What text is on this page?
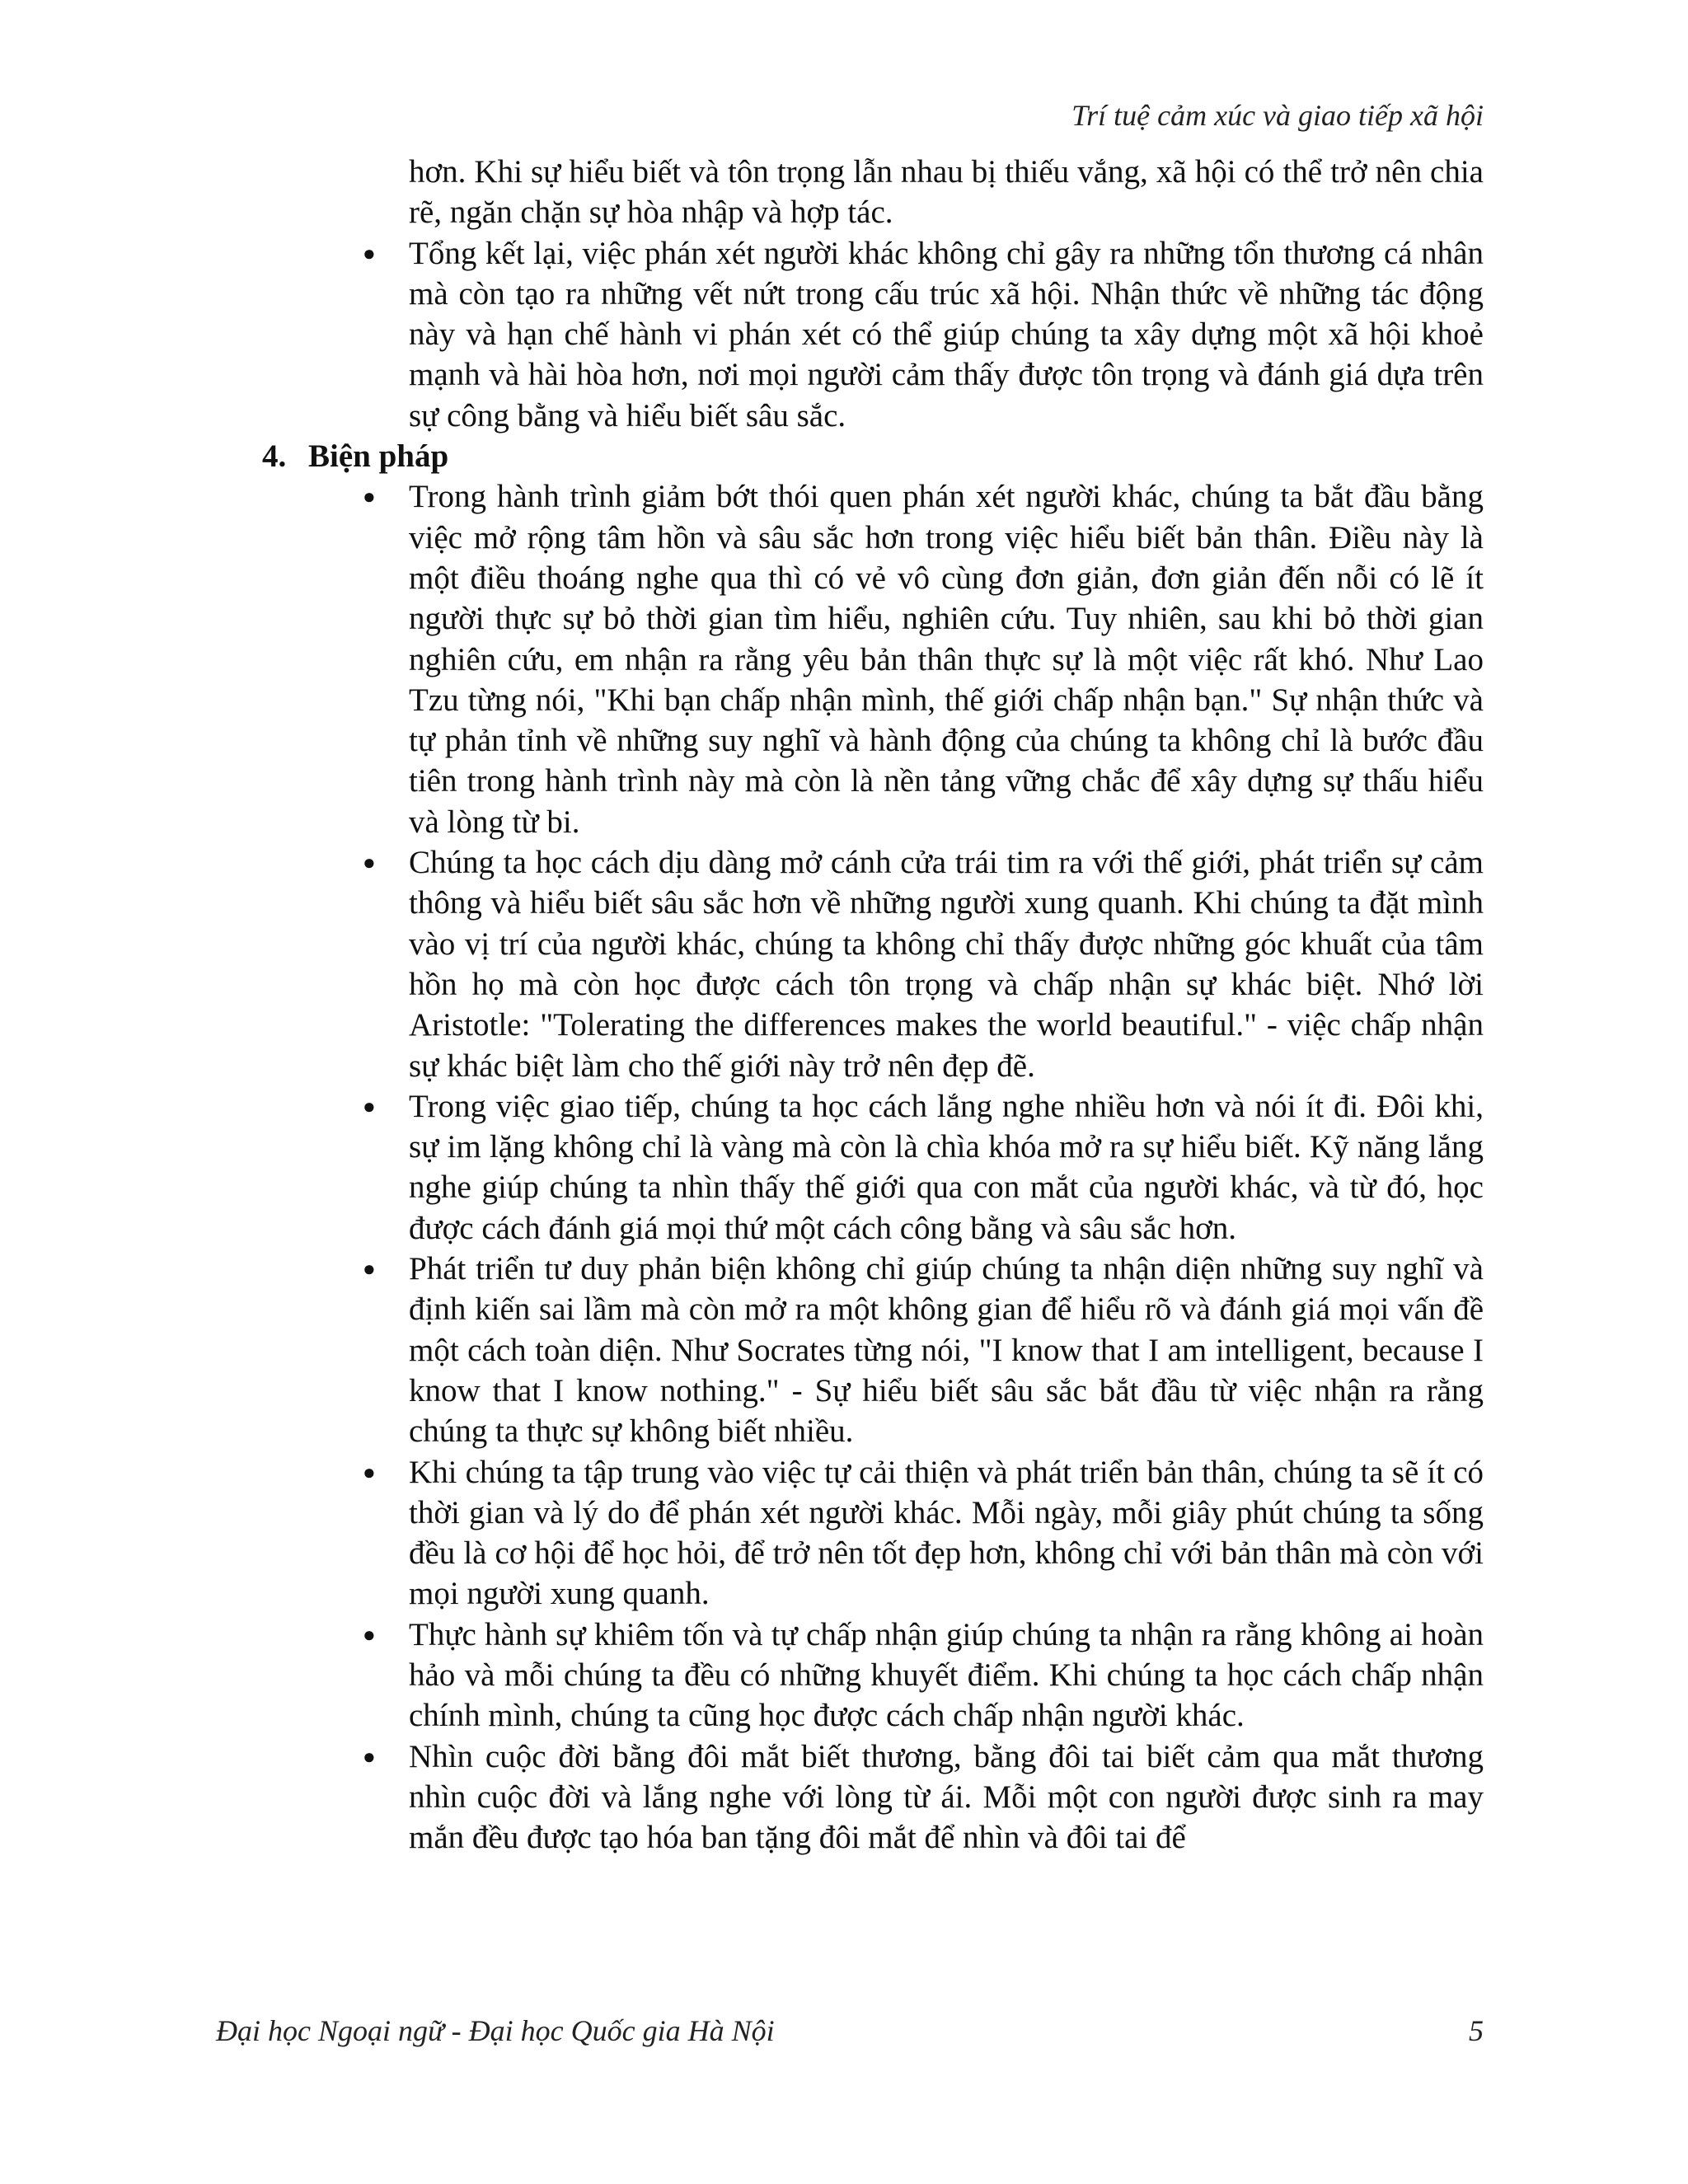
Trí tuệ cảm xúc và giao tiếp xã hội

hơn. Khi sự hiểu biết và tôn trọng lẫn nhau bị thiếu vắng, xã hội có thể trở nên chia rẽ, ngăn chặn sự hòa nhập và hợp tác.

● Tổng kết lại, việc phán xét người khác không chỉ gây ra những tổn thương cá nhân mà còn tạo ra những vết nứt trong cấu trúc xã hội. Nhận thức về những tác động này và hạn chế hành vi phán xét có thể giúp chúng ta xây dựng một xã hội khoẻ mạnh và hài hòa hơn, nơi mọi người cảm thấy được tôn trọng và đánh giá dựa trên sự công bằng và hiểu biết sâu sắc.
4. Biện pháp
● Trong hành trình giảm bớt thói quen phán xét người khác, chúng ta bắt đầu bằng việc mở rộng tâm hồn và sâu sắc hơn trong việc hiểu biết bản thân. Điều này là một điều thoáng nghe qua thì có vẻ vô cùng đơn giản, đơn giản đến nỗi có lẽ ít người thực sự bỏ thời gian tìm hiểu, nghiên cứu. Tuy nhiên, sau khi bỏ thời gian nghiên cứu, em nhận ra rằng yêu bản thân thực sự là một việc rất khó. Như Lao Tzu từng nói, "Khi bạn chấp nhận mình, thế giới chấp nhận bạn." Sự nhận thức và tự phản tỉnh về những suy nghĩ và hành động của chúng ta không chỉ là bước đầu tiên trong hành trình này mà còn là nền tảng vững chắc để xây dựng sự thấu hiểu và lòng từ bi.
● Chúng ta học cách dịu dàng mở cánh cửa trái tim ra với thế giới, phát triển sự cảm thông và hiểu biết sâu sắc hơn về những người xung quanh. Khi chúng ta đặt mình vào vị trí của người khác, chúng ta không chỉ thấy được những góc khuất của tâm hồn họ mà còn học được cách tôn trọng và chấp nhận sự khác biệt. Nhớ lời Aristotle: "Tolerating the differences makes the world beautiful." - việc chấp nhận sự khác biệt làm cho thế giới này trở nên đẹp đẽ.
● Trong việc giao tiếp, chúng ta học cách lắng nghe nhiều hơn và nói ít đi. Đôi khi, sự im lặng không chỉ là vàng mà còn là chìa khóa mở ra sự hiểu biết. Kỹ năng lắng nghe giúp chúng ta nhìn thấy thế giới qua con mắt của người khác, và từ đó, học được cách đánh giá mọi thứ một cách công bằng và sâu sắc hơn.
● Phát triển tư duy phản biện không chỉ giúp chúng ta nhận diện những suy nghĩ và định kiến sai lầm mà còn mở ra một không gian để hiểu rõ và đánh giá mọi vấn đề một cách toàn diện. Như Socrates từng nói, "I know that I am intelligent, because I know that I know nothing." - Sự hiểu biết sâu sắc bắt đầu từ việc nhận ra rằng chúng ta thực sự không biết nhiều.
● Khi chúng ta tập trung vào việc tự cải thiện và phát triển bản thân, chúng ta sẽ ít có thời gian và lý do để phán xét người khác. Mỗi ngày, mỗi giây phút chúng ta sống đều là cơ hội để học hỏi, để trở nên tốt đẹp hơn, không chỉ với bản thân mà còn với mọi người xung quanh.
● Thực hành sự khiêm tốn và tự chấp nhận giúp chúng ta nhận ra rằng không ai hoàn hảo và mỗi chúng ta đều có những khuyết điểm. Khi chúng ta học cách chấp nhận chính mình, chúng ta cũng học được cách chấp nhận người khác.
● Nhìn cuộc đời bằng đôi mắt biết thương, bằng đôi tai biết cảm qua mắt thương nhìn cuộc đời và lắng nghe với lòng từ ái. Mỗi một con người được sinh ra may mắn đều được tạo hóa ban tặng đôi mắt để nhìn và đôi tai để
Đại học Ngoại ngữ - Đại học Quốc gia Hà Nội	5
